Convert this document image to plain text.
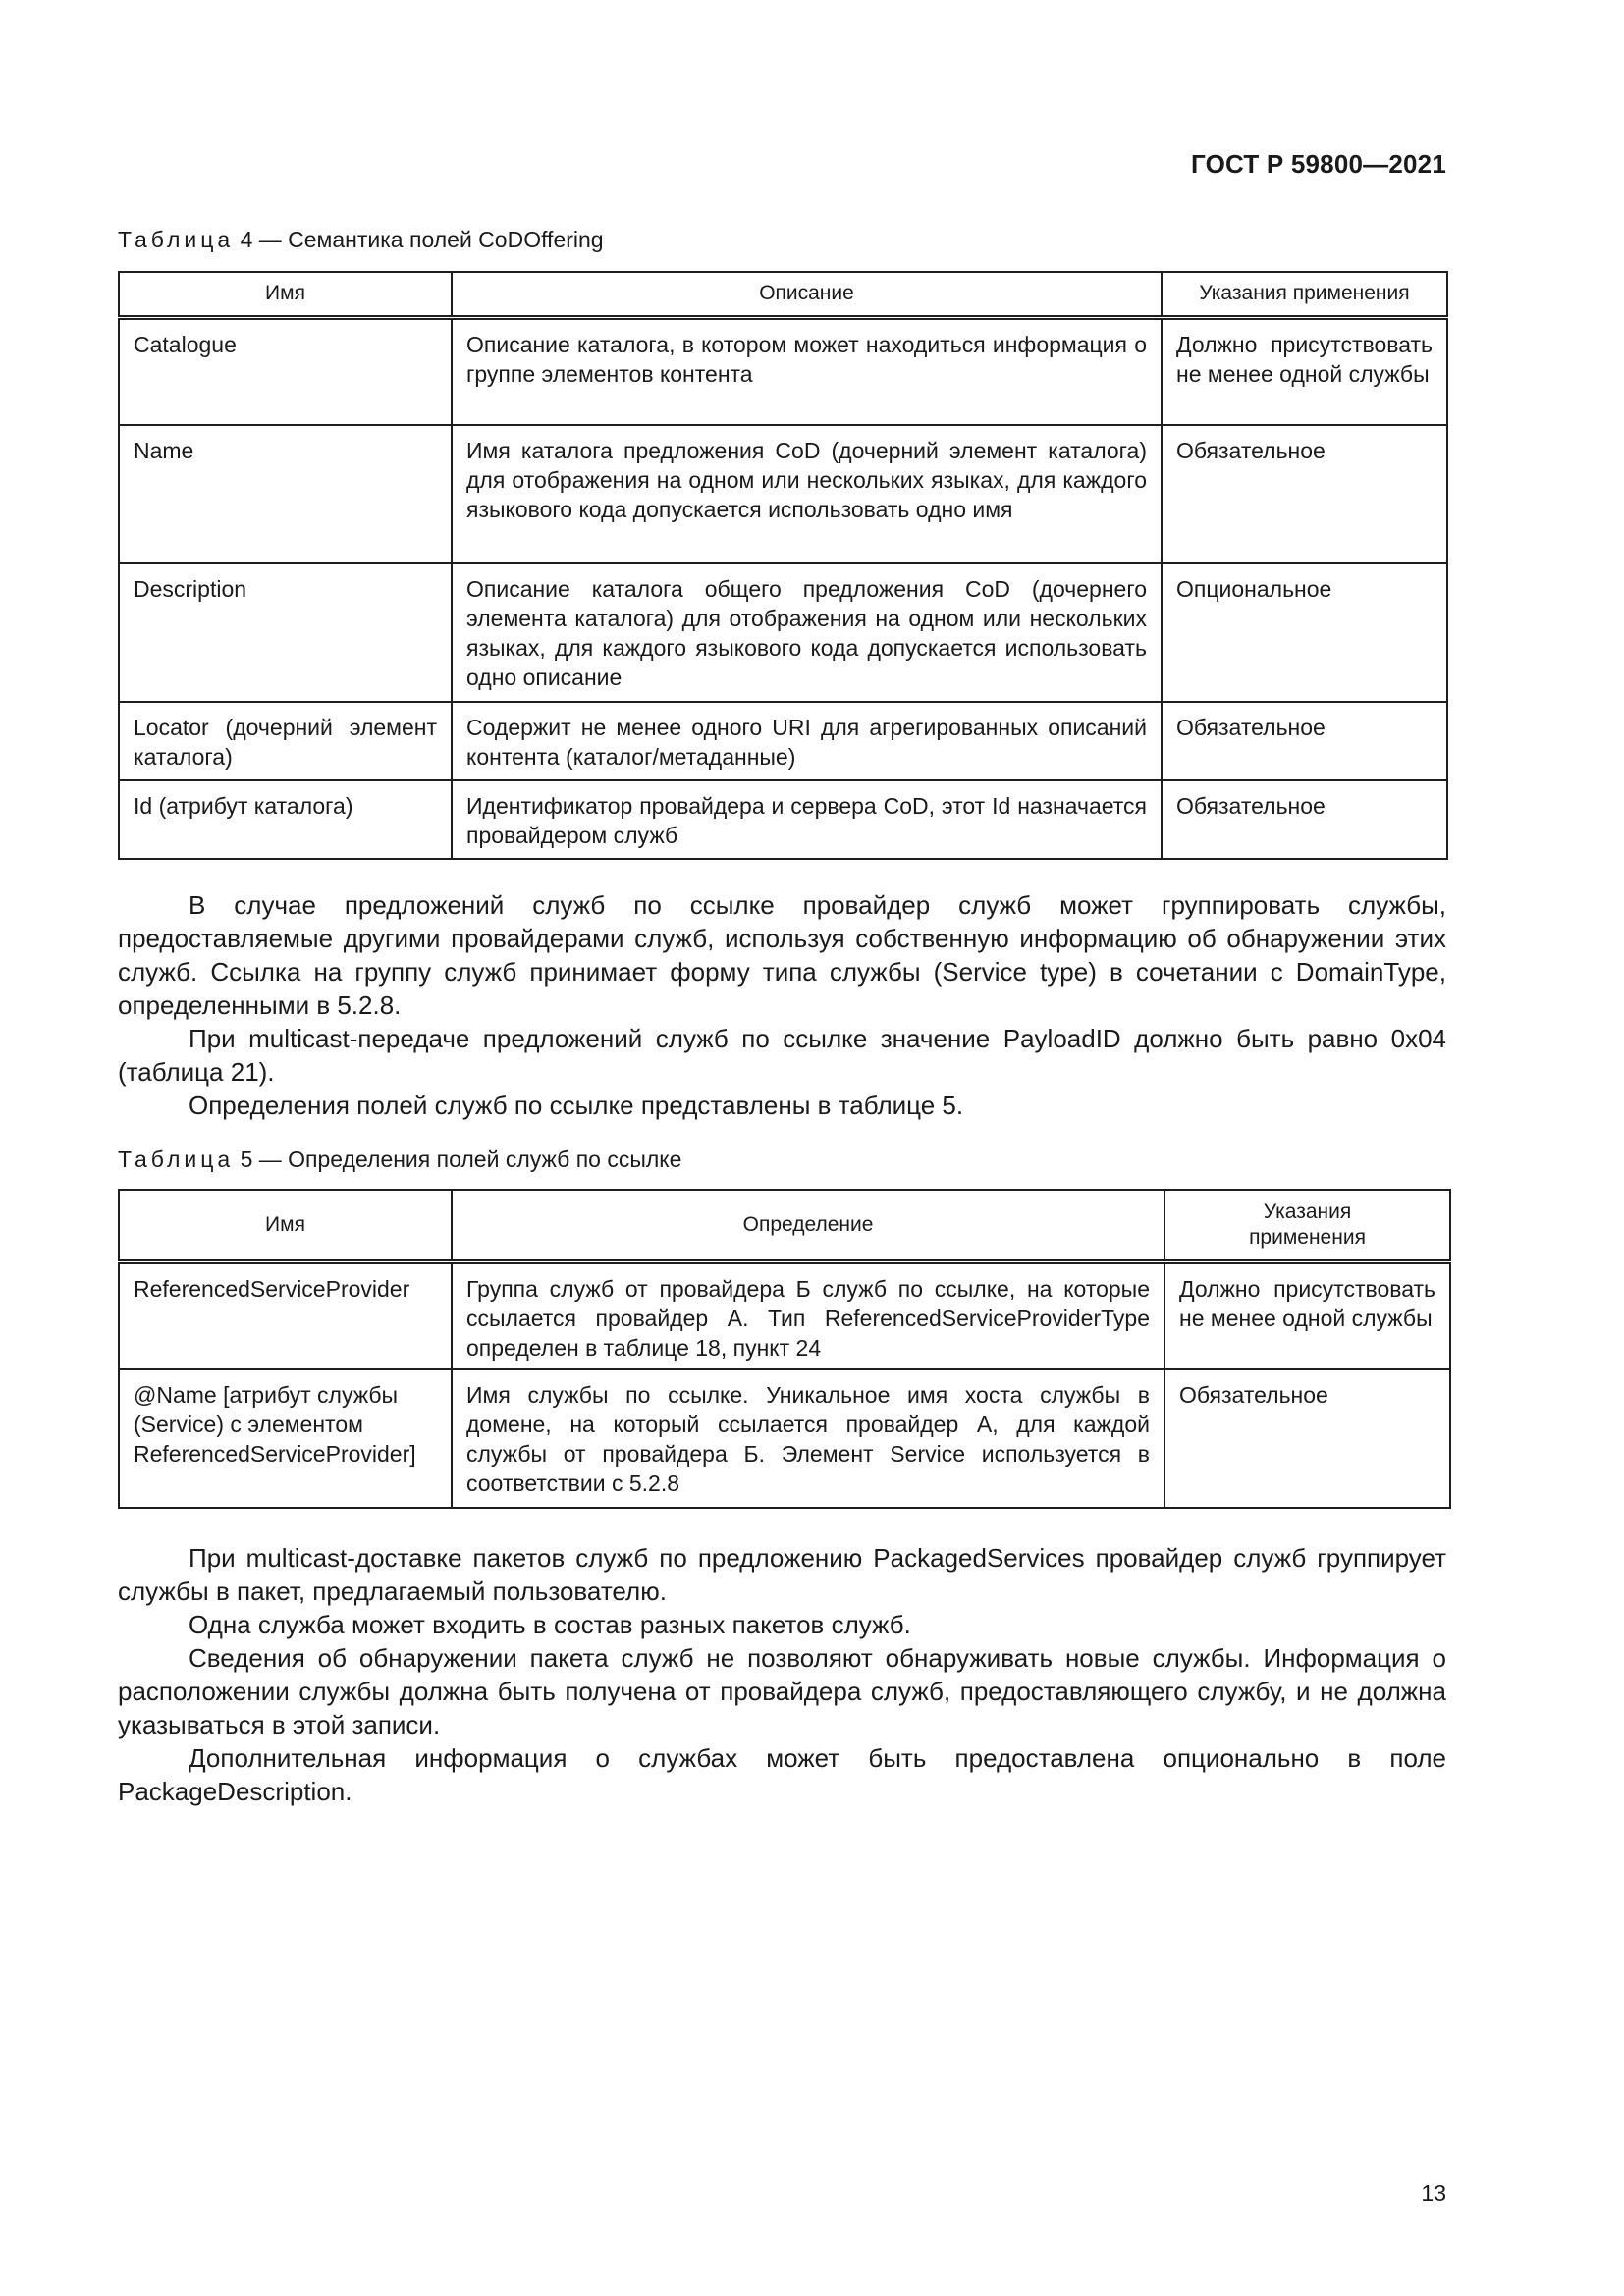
ГОСТ Р 59800—2021
Таблица 4 — Семантика полей CoDOffering
Имя	Описание	Указания применения
Catalogue	Описание каталога, в котором может находиться информация о группе элементов контента	Должно присутствовать не менее одной службы
Name	Имя каталога предложения CoD (дочерний элемент каталога) для отображения на одном или нескольких языках, для каждого языкового кода допускается использовать одно имя	Обязательное
Description	Описание каталога общего предложения CoD (дочернего элемента каталога) для отображения на одном или нескольких языках, для каждого языкового кода допускается использовать одно описание	Опциональное
Locator (дочерний элемент каталога)	Содержит не менее одного URI для агрегированных описаний контента (каталог/метаданные)	Обязательное
Id (атрибут каталога)	Идентификатор провайдера и сервера CoD, этот Id назначается провайдером служб	Обязательное

В случае предложений служб по ссылке провайдер служб может группировать службы, предоставляемые другими провайдерами служб, используя собственную информацию об обнаружении этих служб. Ссылка на группу служб принимает форму типа службы (Service type) в сочетании с DomainType, определенными в 5.2.8.

При multicast-передаче предложений служб по ссылке значение PayloadID должно быть равно 0x04 (таблица 21).

Определения полей служб по ссылке представлены в таблице 5.

Таблица 5 — Определения полей служб по ссылке
Имя	Определение	Указания применения
ReferencedServiceProvider	Группа служб от провайдера Б служб по ссылке, на которые ссылается провайдер А. Тип ReferencedServiceProviderType определен в таблице 18, пункт 24	Должно присутствовать не менее одной службы
@Name [атрибут службы (Service) с элементом ReferencedServiceProvider]	Имя службы по ссылке. Уникальное имя хоста службы в домене, на который ссылается провайдер А, для каждой службы от провайдера Б. Элемент Service используется в соответствии с 5.2.8	Обязательное

При multicast-доставке пакетов служб по предложению PackagedServices провайдер служб группирует службы в пакет, предлагаемый пользователю.

Одна служба может входить в состав разных пакетов служб.

Сведения об обнаружении пакета служб не позволяют обнаруживать новые службы. Информация о расположении службы должна быть получена от провайдера служб, предоставляющего службу, и не должна указываться в этой записи.

Дополнительная информация о службах может быть предоставлена опционально в поле PackageDescription.

13
